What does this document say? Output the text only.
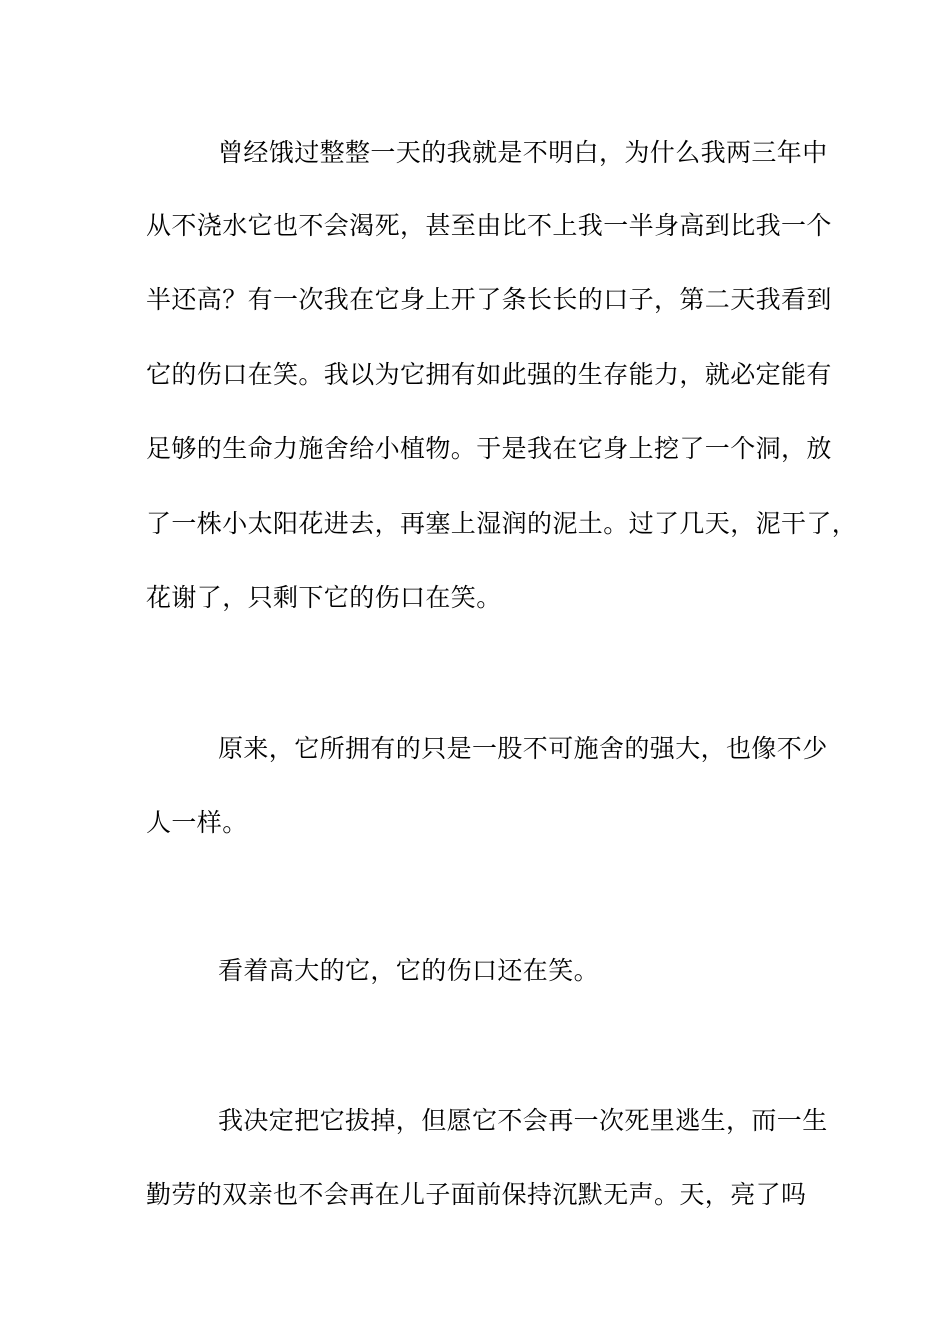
曾经饿过整整一天的我就是不明白，为什么我两三年中
从不浇水它也不会渴死，甚至由比不上我一半身高到比我一个
半还高？有一次我在它身上开了条长长的口子，第二天我看到
它的伤口在笑。我以为它拥有如此强的生存能力，就必定能有
足够的生命力施舍给小植物。于是我在它身上挖了一个洞，放
了一株小太阳花进去，再塞上湿润的泥土。过了几天，泥干了，
花谢了，只剩下它的伤口在笑。
原来，它所拥有的只是一股不可施舍的强大，也像不少
人一样。
看着高大的它，它的伤口还在笑。
我决定把它拔掉，但愿它不会再一次死里逃生，而一生
勤劳的双亲也不会再在儿子面前保持沉默无声。天，亮了吗
